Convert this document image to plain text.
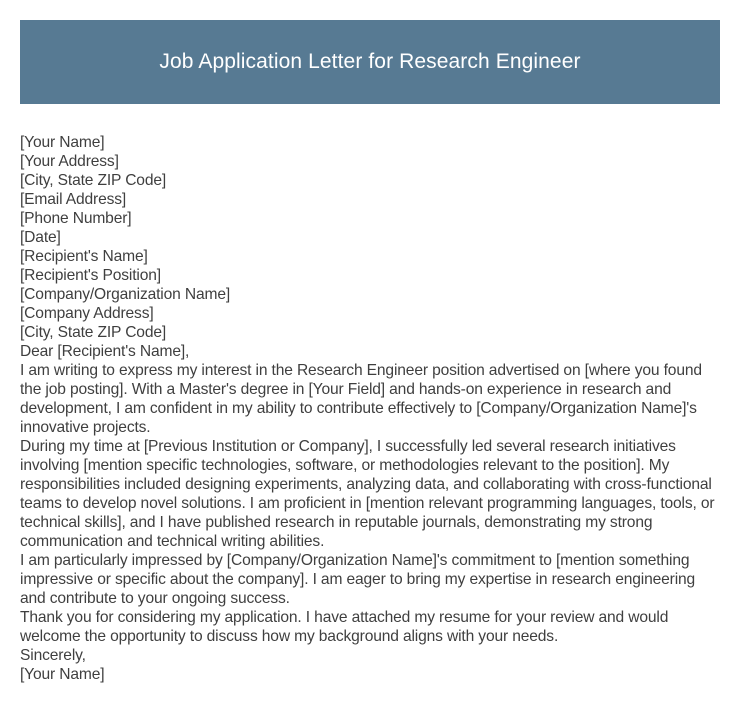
Job Application Letter for Research Engineer

[Your Name]

[Your Address]

[City, State ZIP Code]

[Email Address]

[Phone Number]

[Date]

[Recipient's Name]

[Recipient's Position]

[Company/Organization Name]

[Company Address]

[City, State ZIP Code]

Dear [Recipient's Name],

I am writing to express my interest in the Research Engineer position advertised on [where you found the job posting]. With a Master's degree in [Your Field] and hands-on experience in research and development, I am confident in my ability to contribute effectively to [Company/Organization Name]'s innovative projects.

During my time at [Previous Institution or Company], I successfully led several research initiatives involving [mention specific technologies, software, or methodologies relevant to the position]. My responsibilities included designing experiments, analyzing data, and collaborating with cross-functional teams to develop novel solutions. I am proficient in [mention relevant programming languages, tools, or technical skills], and I have published research in reputable journals, demonstrating my strong communication and technical writing abilities.

I am particularly impressed by [Company/Organization Name]'s commitment to [mention something impressive or specific about the company]. I am eager to bring my expertise in research engineering and contribute to your ongoing success.

Thank you for considering my application. I have attached my resume for your review and would welcome the opportunity to discuss how my background aligns with your needs.

Sincerely,

[Your Name]
